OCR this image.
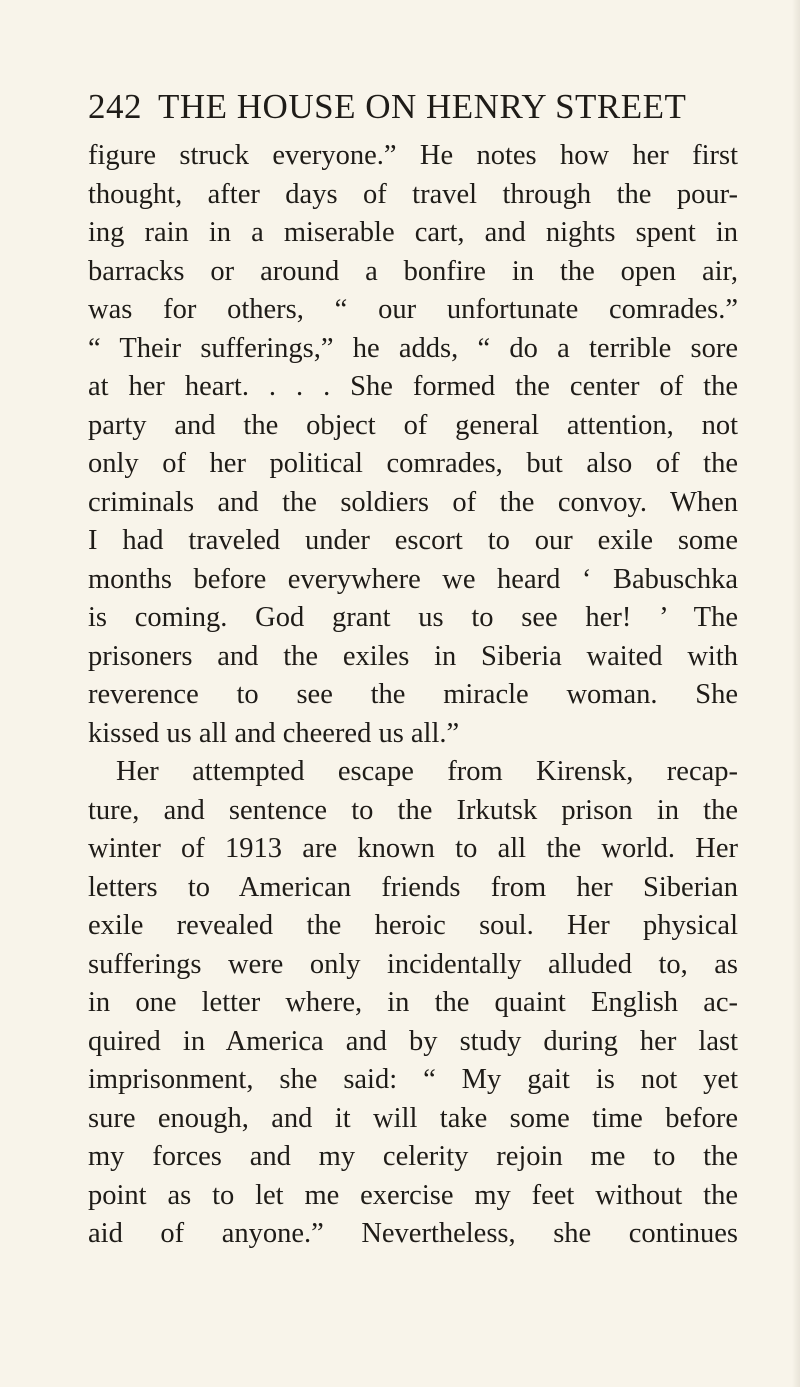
242 THE HOUSE ON HENRY STREET
figure struck everyone.” He notes how her first
thought, after days of travel through the pour-
ing rain in a miserable cart, and nights spent in
barracks or around a bonfire in the open air,
was for others, “ our unfortunate comrades.”
“ Their sufferings,” he adds, “ do a terrible sore
at her heart. . . . She formed the center of the
party and the object of general attention, not
only of her political comrades, but also of the
criminals and the soldiers of the convoy. When
I had traveled under escort to our exile some
months before everywhere we heard ‘ Babuschka
is coming. God grant us to see her! ’ The
prisoners and the exiles in Siberia waited with
reverence to see the miracle woman. She
kissed us all and cheered us all.”
Her attempted escape from Kirensk, recap-
ture, and sentence to the Irkutsk prison in the
winter of 1913 are known to all the world. Her
letters to American friends from her Siberian
exile revealed the heroic soul. Her physical
sufferings were only incidentally alluded to, as
in one letter where, in the quaint English ac-
quired in America and by study during her last
imprisonment, she said: “ My gait is not yet
sure enough, and it will take some time before
my forces and my celerity rejoin me to the
point as to let me exercise my feet without the
aid of anyone.” Nevertheless, she continues
